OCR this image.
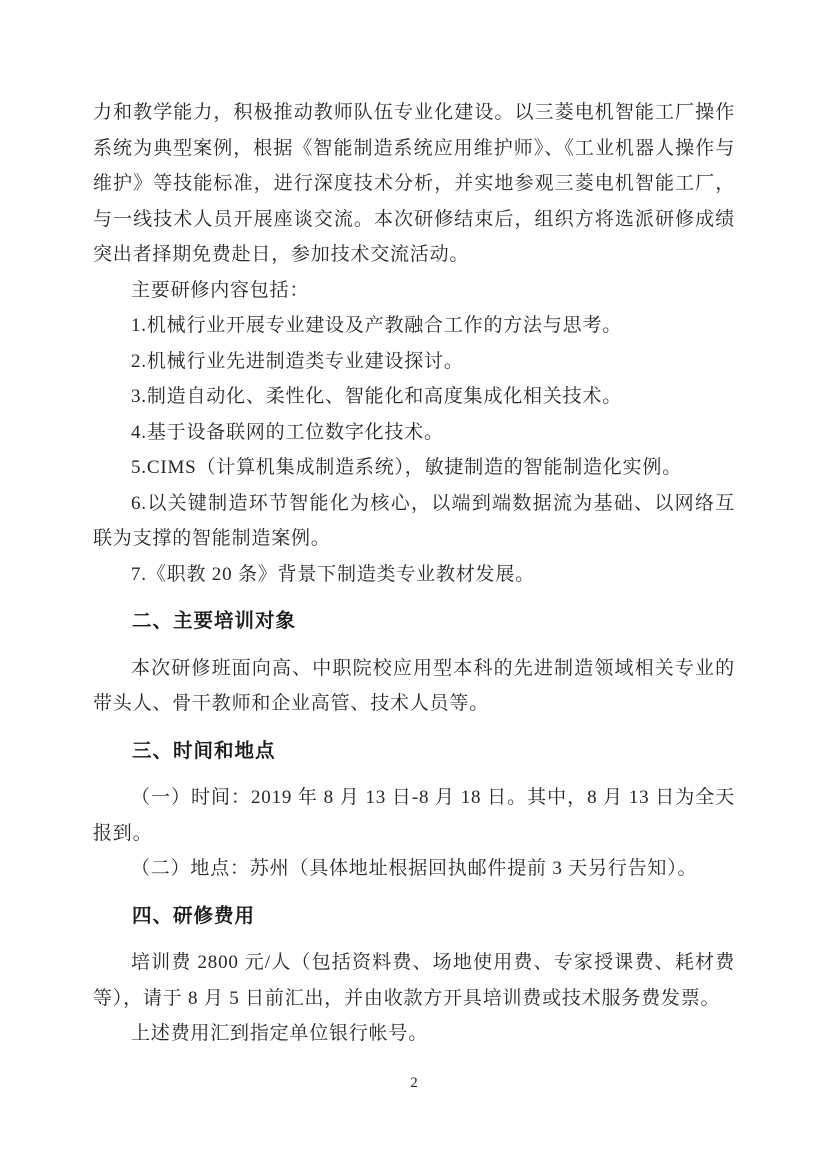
力和教学能力，积极推动教师队伍专业化建设。以三菱电机智能工厂操作系统为典型案例，根据《智能制造系统应用维护师》、《工业机器人操作与维护》等技能标准，进行深度技术分析，并实地参观三菱电机智能工厂，与一线技术人员开展座谈交流。本次研修结束后，组织方将选派研修成绩突出者择期免费赴日，参加技术交流活动。

主要研修内容包括：

1.机械行业开展专业建设及产教融合工作的方法与思考。

2.机械行业先进制造类专业建设探讨。

3.制造自动化、柔性化、智能化和高度集成化相关技术。

4.基于设备联网的工位数字化技术。

5.CIMS（计算机集成制造系统），敏捷制造的智能制造化实例。

6.以关键制造环节智能化为核心，以端到端数据流为基础、以网络互联为支撑的智能制造案例。

7.《职教 20 条》背景下制造类专业教材发展。

二、主要培训对象

本次研修班面向高、中职院校应用型本科的先进制造领域相关专业的带头人、骨干教师和企业高管、技术人员等。

三、时间和地点

（一）时间：2019 年 8 月 13 日-8 月 18 日。其中，8 月 13 日为全天报到。

（二）地点：苏州（具体地址根据回执邮件提前 3 天另行告知）。

四、研修费用

培训费 2800 元/人（包括资料费、场地使用费、专家授课费、耗材费等），请于 8 月 5 日前汇出，并由收款方开具培训费或技术服务费发票。

上述费用汇到指定单位银行帐号。

2
